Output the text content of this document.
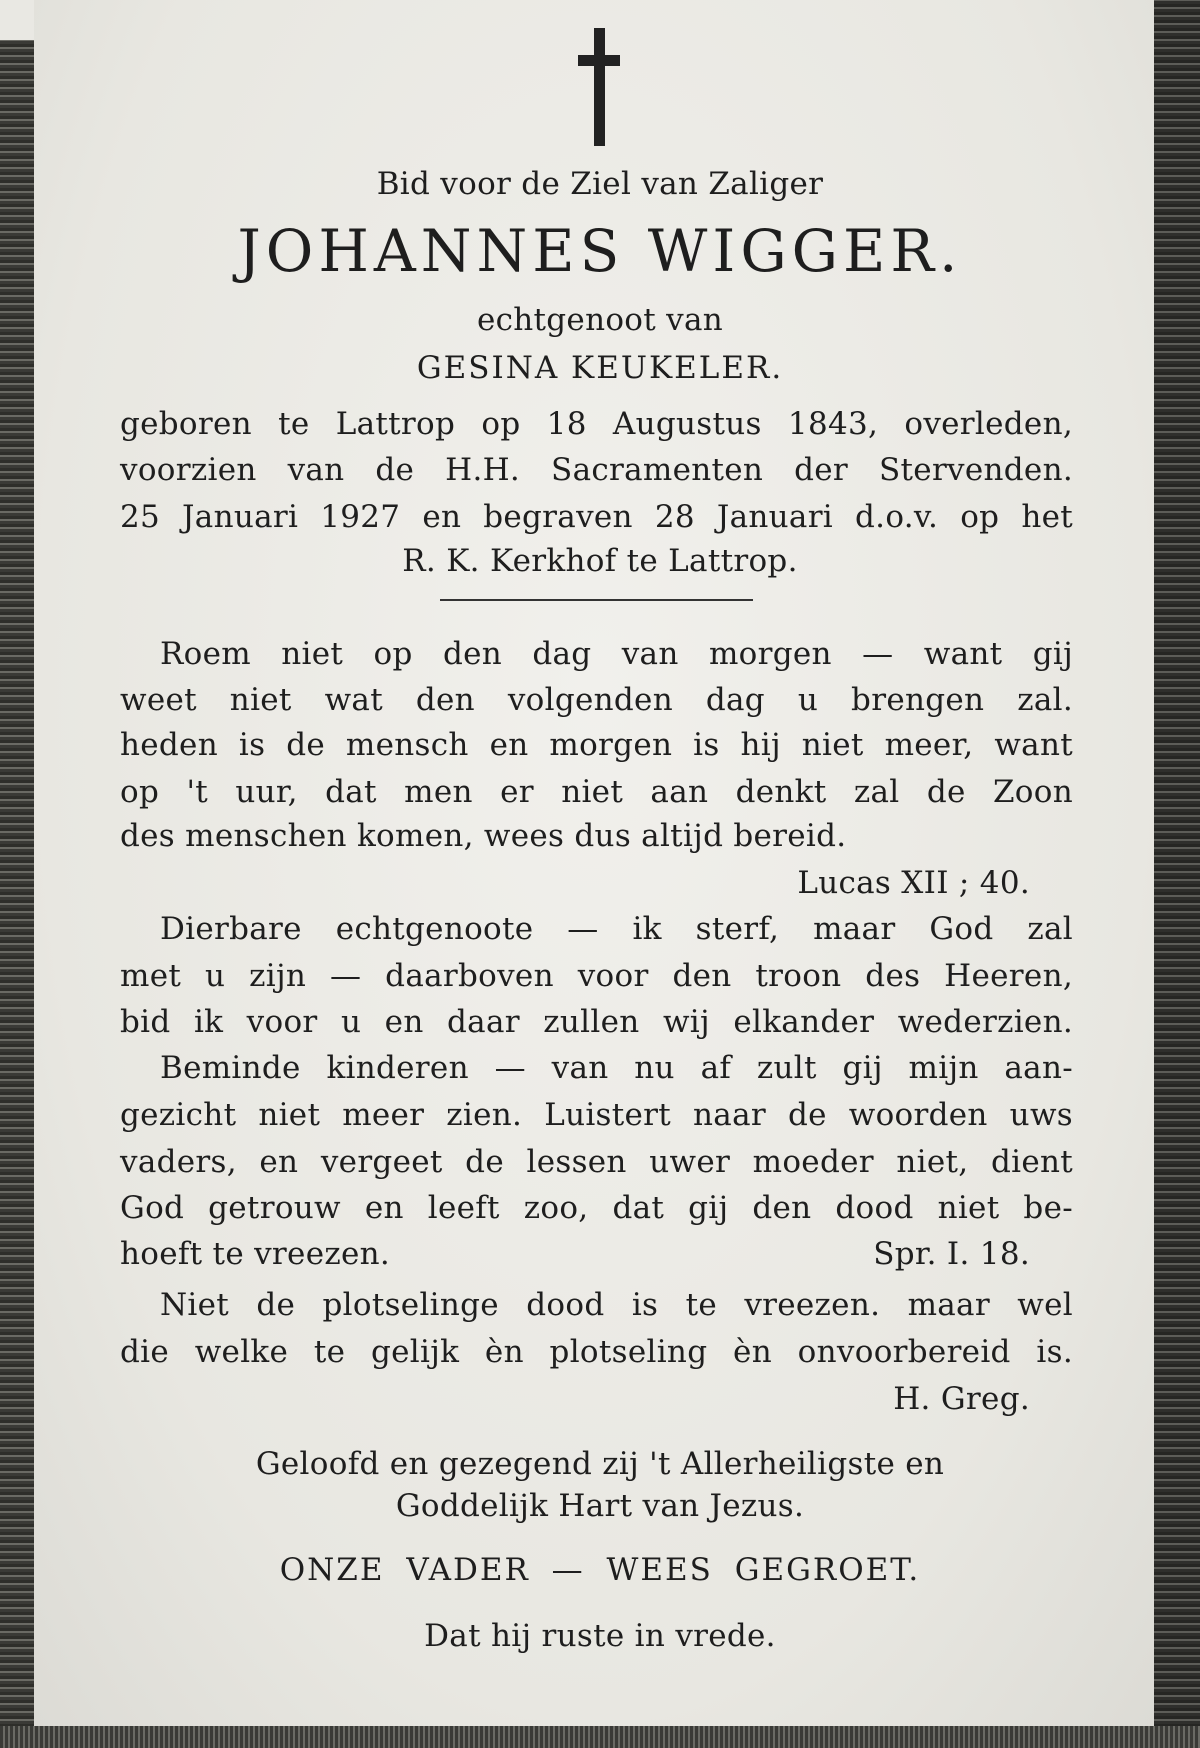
Bid voor de Ziel van Zaliger
JOHANNES WIGGER.
echtgenoot van
GESINA KEUKELER.
geboren te Lattrop op 18 Augustus 1843, overleden,
voorzien van de H.H. Sacramenten der Stervenden.
25 Januari 1927 en begraven 28 Januari d.o.v. op het
R. K. Kerkhof te Lattrop.
Roem niet op den dag van morgen — want gij
weet niet wat den volgenden dag u brengen zal.
heden is de mensch en morgen is hij niet meer, want
op 't uur, dat men er niet aan denkt zal de Zoon
des menschen komen, wees dus altijd bereid.
Lucas XII ; 40.
Dierbare echtgenoote — ik sterf, maar God zal
met u zijn — daarboven voor den troon des Heeren,
bid ik voor u en daar zullen wij elkander wederzien.
Beminde kinderen — van nu af zult gij mijn aan-
gezicht niet meer zien. Luistert naar de woorden uws
vaders, en vergeet de lessen uwer moeder niet, dient
God getrouw en leeft zoo, dat gij den dood niet be-
hoeft te vreezen.	Spr. I. 18.
Niet de plotselinge dood is te vreezen. maar wel
die welke te gelijk èn plotseling èn onvoorbereid is.
H. Greg.
Geloofd en gezegend zij 't Allerheiligste en
Goddelijk Hart van Jezus.
ONZE VADER — WEES GEGROET.
Dat hij ruste in vrede.
